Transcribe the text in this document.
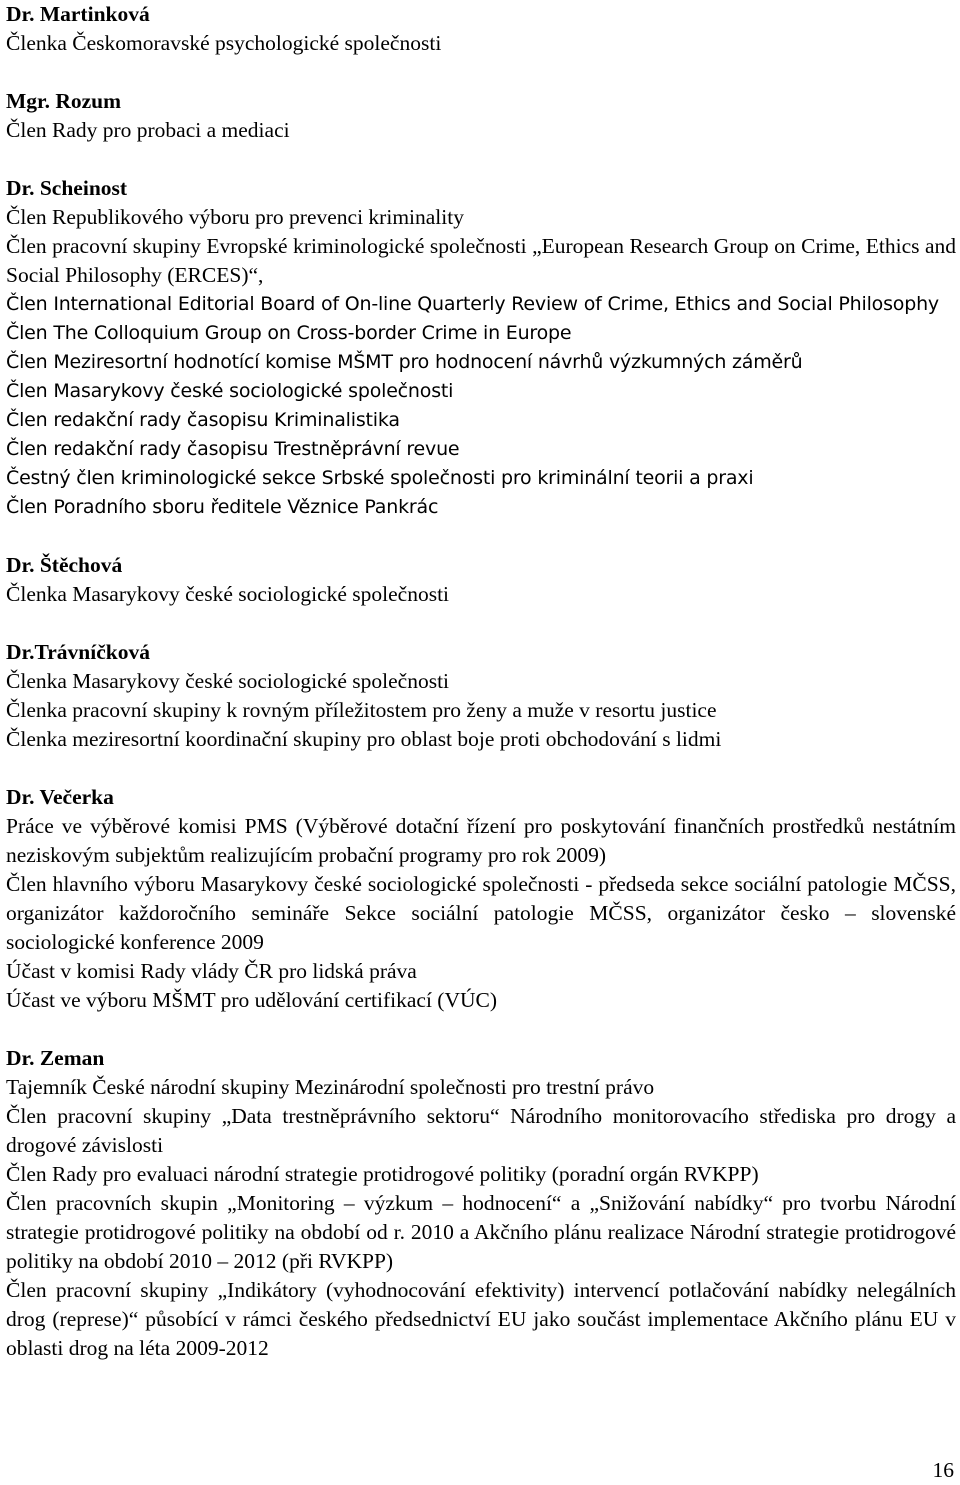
Dr. Martinková
Členka Českomoravské psychologické společnosti
Mgr. Rozum
Člen Rady pro probaci a mediaci
Dr. Scheinost
Člen Republikového výboru pro prevenci kriminality
Člen pracovní skupiny Evropské kriminologické společnosti „European Research Group on Crime, Ethics and Social Philosophy (ERCES)“,
Člen International Editorial Board of On-line Quarterly Review of Crime, Ethics and Social Philosophy
Člen The Colloquium Group on Cross-border Crime in Europe
Člen Meziresortní hodnotící komise MŠMT pro hodnocení návrhů výzkumných záměrů
Člen Masarykovy české sociologické společnosti
Člen redakční rady časopisu Kriminalistika
Člen redakční rady časopisu Trestněprávní revue
Čestný člen kriminologické sekce Srbské společnosti pro kriminální teorii a praxi
Člen Poradního sboru ředitele Věznice Pankrác
Dr. Štěchová
Členka Masarykovy české sociologické společnosti
Dr.Trávníčková
Členka Masarykovy české sociologické společnosti
Členka pracovní skupiny k rovným příležitostem pro ženy a muže v resortu justice
Členka meziresortní koordinační skupiny pro oblast boje proti obchodování s lidmi
Dr. Večerka
Práce ve výběrové komisi PMS (Výběrové dotační řízení pro poskytování finančních prostředků nestátním neziskovým subjektům realizujícím probační programy pro rok 2009)
Člen hlavního výboru Masarykovy české sociologické společnosti - předseda sekce sociální patologie MČSS, organizátor každoročního semináře Sekce sociální patologie MČSS, organizátor česko – slovenské sociologické konference 2009
Účast v komisi Rady vlády ČR pro lidská práva
Účast ve výboru MŠMT pro udělování certifikací (VÚC)
Dr. Zeman
Tajemník České národní skupiny Mezinárodní společnosti pro trestní právo
Člen pracovní skupiny „Data trestněprávního sektoru“ Národního monitorovacího střediska pro drogy a drogové závislosti
Člen Rady pro evaluaci národní strategie protidrogové politiky (poradní orgán RVKPP)
Člen pracovních skupin „Monitoring – výzkum – hodnocení“ a „Snižování nabídky“ pro tvorbu Národní strategie protidrogové politiky na období od r. 2010 a Akčního plánu realizace Národní strategie protidrogové politiky na období 2010 – 2012 (při RVKPP)
Člen pracovní skupiny „Indikátory (vyhodnocování efektivity) intervencí potlačování nabídky nelegálních drog (represe)“ působící v rámci českého předsednictví EU jako součást implementace Akčního plánu EU v oblasti drog na léta 2009-2012
16
